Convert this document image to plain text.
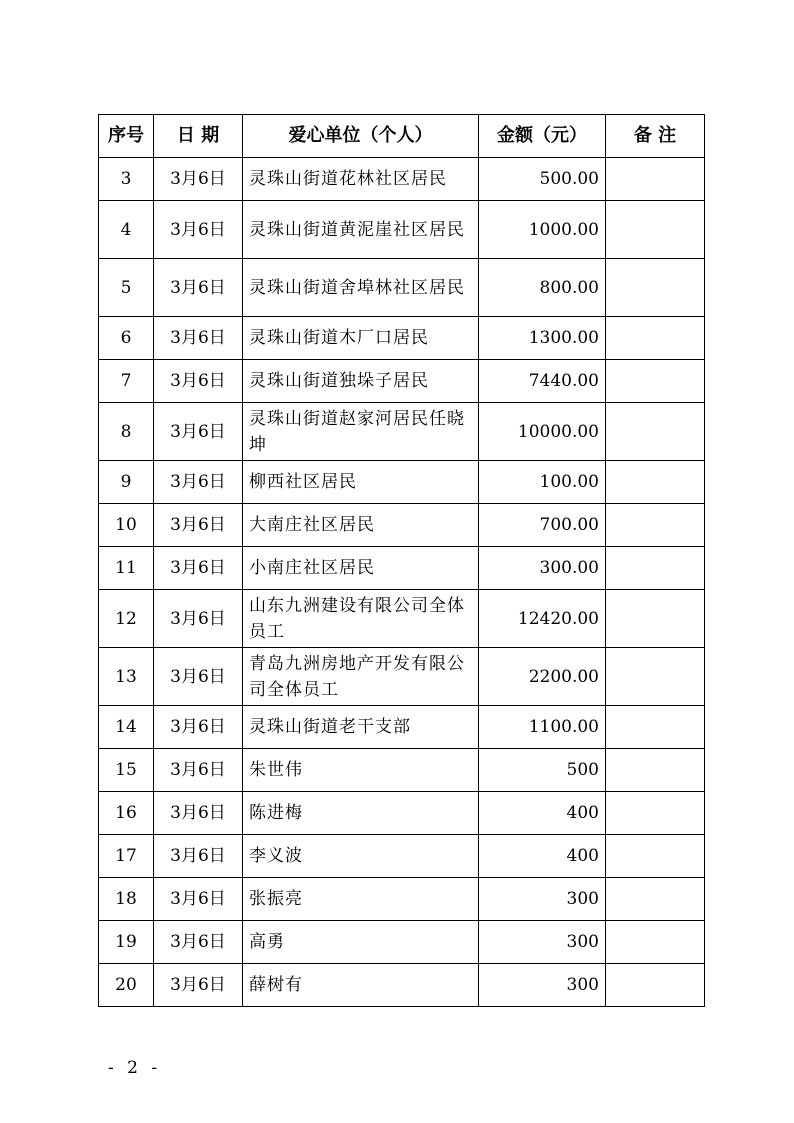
序号	日 期	爱心单位（个人）	金额（元）	备 注
3	3月6日	灵珠山街道花林社区居民	500.00	
4	3月6日	灵珠山街道黄泥崖社区居民	1000.00	
5	3月6日	灵珠山街道舍埠林社区居民	800.00	
6	3月6日	灵珠山街道木厂口居民	1300.00	
7	3月6日	灵珠山街道独垛子居民	7440.00	
8	3月6日	灵珠山街道赵家河居民任晓坤	10000.00	
9	3月6日	柳西社区居民	100.00	
10	3月6日	大南庄社区居民	700.00	
11	3月6日	小南庄社区居民	300.00	
12	3月6日	山东九洲建设有限公司全体员工	12420.00	
13	3月6日	青岛九洲房地产开发有限公司全体员工	2200.00	
14	3月6日	灵珠山街道老干支部	1100.00	
15	3月6日	朱世伟	500	
16	3月6日	陈进梅	400	
17	3月6日	李义波	400	
18	3月6日	张振亮	300	
19	3月6日	高勇	300	
20	3月6日	薛树有	300	
- 2 -
